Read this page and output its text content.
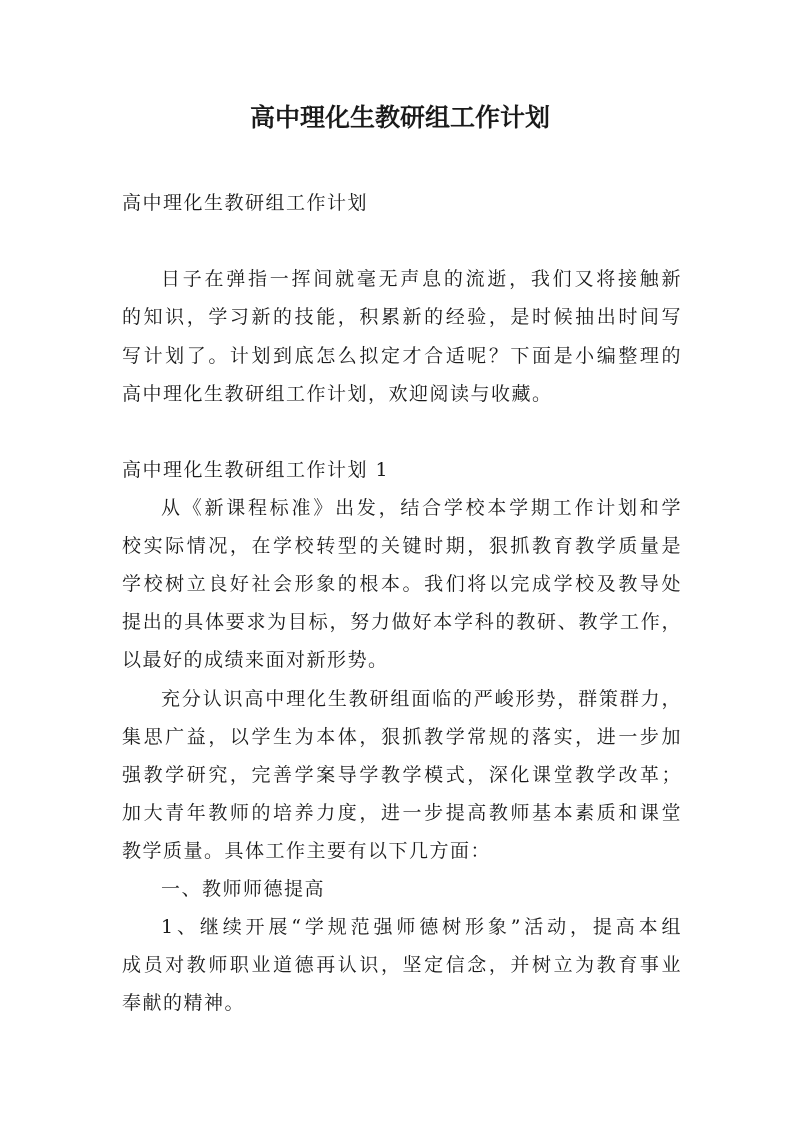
高中理化生教研组工作计划
高中理化生教研组工作计划
日子在弹指一挥间就毫无声息的流逝，我们又将接触新
的知识，学习新的技能，积累新的经验，是时候抽出时间写
写计划了。计划到底怎么拟定才合适呢？下面是小编整理的
高中理化生教研组工作计划，欢迎阅读与收藏。
高中理化生教研组工作计划 1
从《新课程标准》出发，结合学校本学期工作计划和学
校实际情况，在学校转型的关键时期，狠抓教育教学质量是
学校树立良好社会形象的根本。我们将以完成学校及教导处
提出的具体要求为目标，努力做好本学科的教研、教学工作，
以最好的成绩来面对新形势。
充分认识高中理化生教研组面临的严峻形势，群策群力，
集思广益，以学生为本体，狠抓教学常规的落实，进一步加
强教学研究，完善学案导学教学模式，深化课堂教学改革；
加大青年教师的培养力度，进一步提高教师基本素质和课堂
教学质量。具体工作主要有以下几方面：
一、教师师德提高
1、继续开展“学规范强师德树形象”活动，提高本组
成员对教师职业道德再认识，坚定信念，并树立为教育事业
奉献的精神。
